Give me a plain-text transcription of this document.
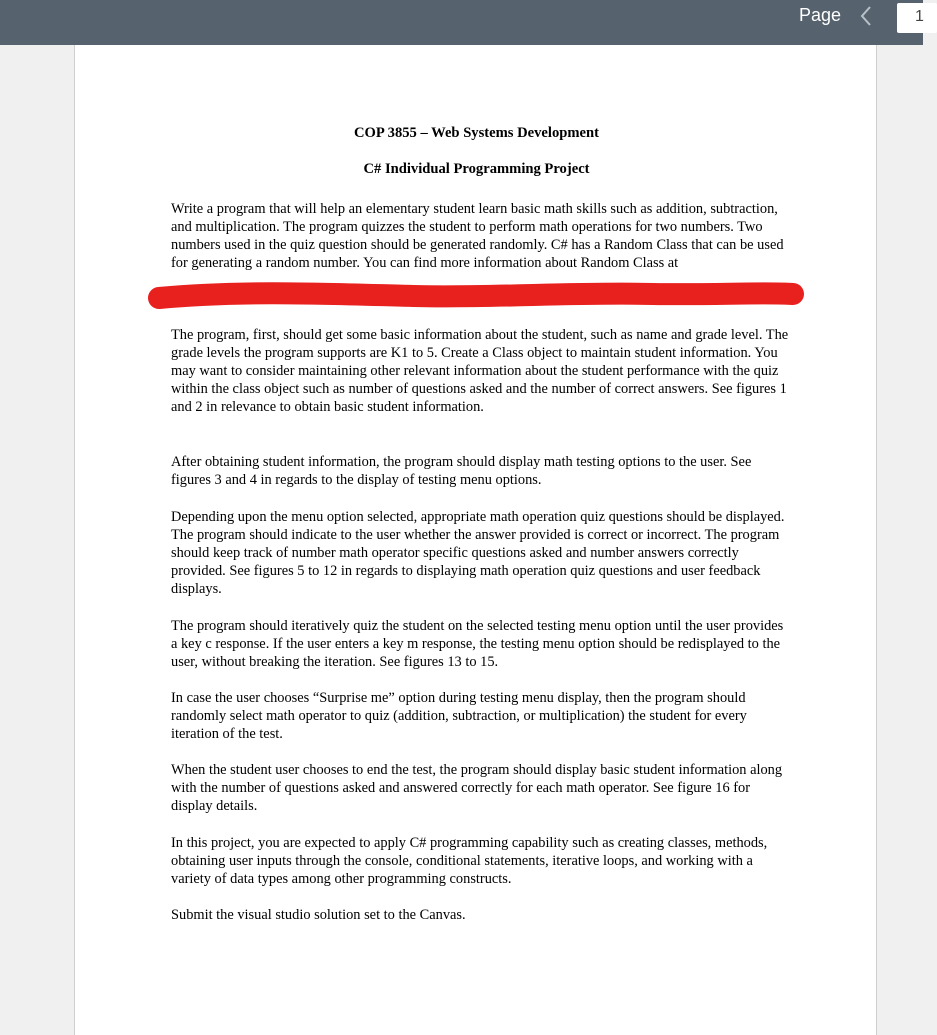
Page	1
COP 3855 – Web Systems Development
C# Individual Programming Project

Write a program that will help an elementary student learn basic math skills such as addition, subtraction, and multiplication. The program quizzes the student to perform math operations for two numbers. Two numbers used in the quiz question should be generated randomly. C# has a Random Class that can be used for generating a random number. You can find more information about Random Class at

The program, first, should get some basic information about the student, such as name and grade level. The grade levels the program supports are K1 to 5. Create a Class object to maintain student information. You may want to consider maintaining other relevant information about the student performance with the quiz within the class object such as number of questions asked and the number of correct answers. See figures 1 and 2 in relevance to obtain basic student information.

After obtaining student information, the program should display math testing options to the user. See figures 3 and 4 in regards to the display of testing menu options.

Depending upon the menu option selected, appropriate math operation quiz questions should be displayed. The program should indicate to the user whether the answer provided is correct or incorrect. The program should keep track of number math operator specific questions asked and number answers correctly provided. See figures 5 to 12 in regards to displaying math operation quiz questions and user feedback displays.

The program should iteratively quiz the student on the selected testing menu option until the user provides a key c response. If the user enters a key m response, the testing menu option should be redisplayed to the user, without breaking the iteration. See figures 13 to 15.

In case the user chooses “Surprise me” option during testing menu display, then the program should randomly select math operator to quiz (addition, subtraction, or multiplication) the student for every iteration of the test.

When the student user chooses to end the test, the program should display basic student information along with the number of questions asked and answered correctly for each math operator. See figure 16 for display details.

In this project, you are expected to apply C# programming capability such as creating classes, methods, obtaining user inputs through the console, conditional statements, iterative loops, and working with a variety of data types among other programming constructs.

Submit the visual studio solution set to the Canvas.
